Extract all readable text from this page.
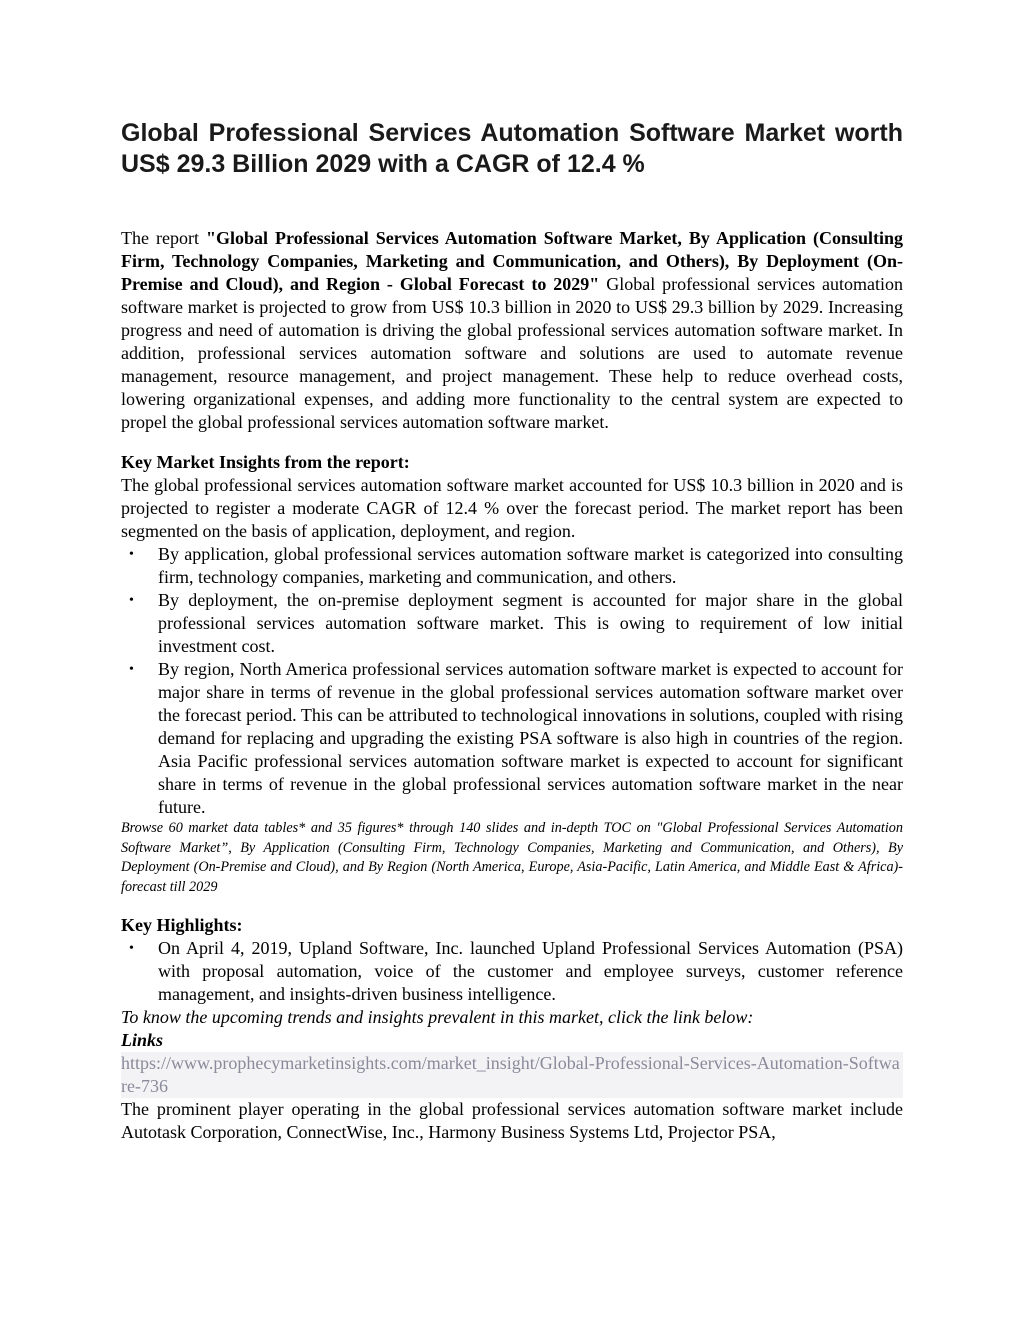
Global Professional Services Automation Software Market worth US$ 29.3 Billion 2029 with a CAGR of 12.4 %

The report "Global Professional Services Automation Software Market, By Application (Consulting Firm, Technology Companies, Marketing and Communication, and Others), By Deployment (On-Premise and Cloud), and Region - Global Forecast to 2029" Global professional services automation software market is projected to grow from US$ 10.3 billion in 2020 to US$ 29.3 billion by 2029. Increasing progress and need of automation is driving the global professional services automation software market. In addition, professional services automation software and solutions are used to automate revenue management, resource management, and project management. These help to reduce overhead costs, lowering organizational expenses, and adding more functionality to the central system are expected to propel the global professional services automation software market.

Key Market Insights from the report:

The global professional services automation software market accounted for US$ 10.3 billion in 2020 and is projected to register a moderate CAGR of 12.4 % over the forecast period. The market report has been segmented on the basis of application, deployment, and region.

• By application, global professional services automation software market is categorized into consulting firm, technology companies, marketing and communication, and others.
• By deployment, the on-premise deployment segment is accounted for major share in the global professional services automation software market. This is owing to requirement of low initial investment cost.
• By region, North America professional services automation software market is expected to account for major share in terms of revenue in the global professional services automation software market over the forecast period. This can be attributed to technological innovations in solutions, coupled with rising demand for replacing and upgrading the existing PSA software is also high in countries of the region. Asia Pacific professional services automation software market is expected to account for significant share in terms of revenue in the global professional services automation software market in the near future.

Browse 60 market data tables* and 35 figures* through 140 slides and in-depth TOC on "Global Professional Services Automation Software Market”, By Application (Consulting Firm, Technology Companies, Marketing and Communication, and Others), By Deployment (On-Premise and Cloud), and By Region (North America, Europe, Asia-Pacific, Latin America, and Middle East & Africa)- forecast till 2029

Key Highlights:

• On April 4, 2019, Upland Software, Inc. launched Upland Professional Services Automation (PSA) with proposal automation, voice of the customer and employee surveys, customer reference management, and insights-driven business intelligence.

To know the upcoming trends and insights prevalent in this market, click the link below:

Links

https://www.prophecymarketinsights.com/market_insight/Global-Professional-Services-Automation-Software-736

The prominent player operating in the global professional services automation software market include Autotask Corporation, ConnectWise, Inc., Harmony Business Systems Ltd, Projector PSA,
